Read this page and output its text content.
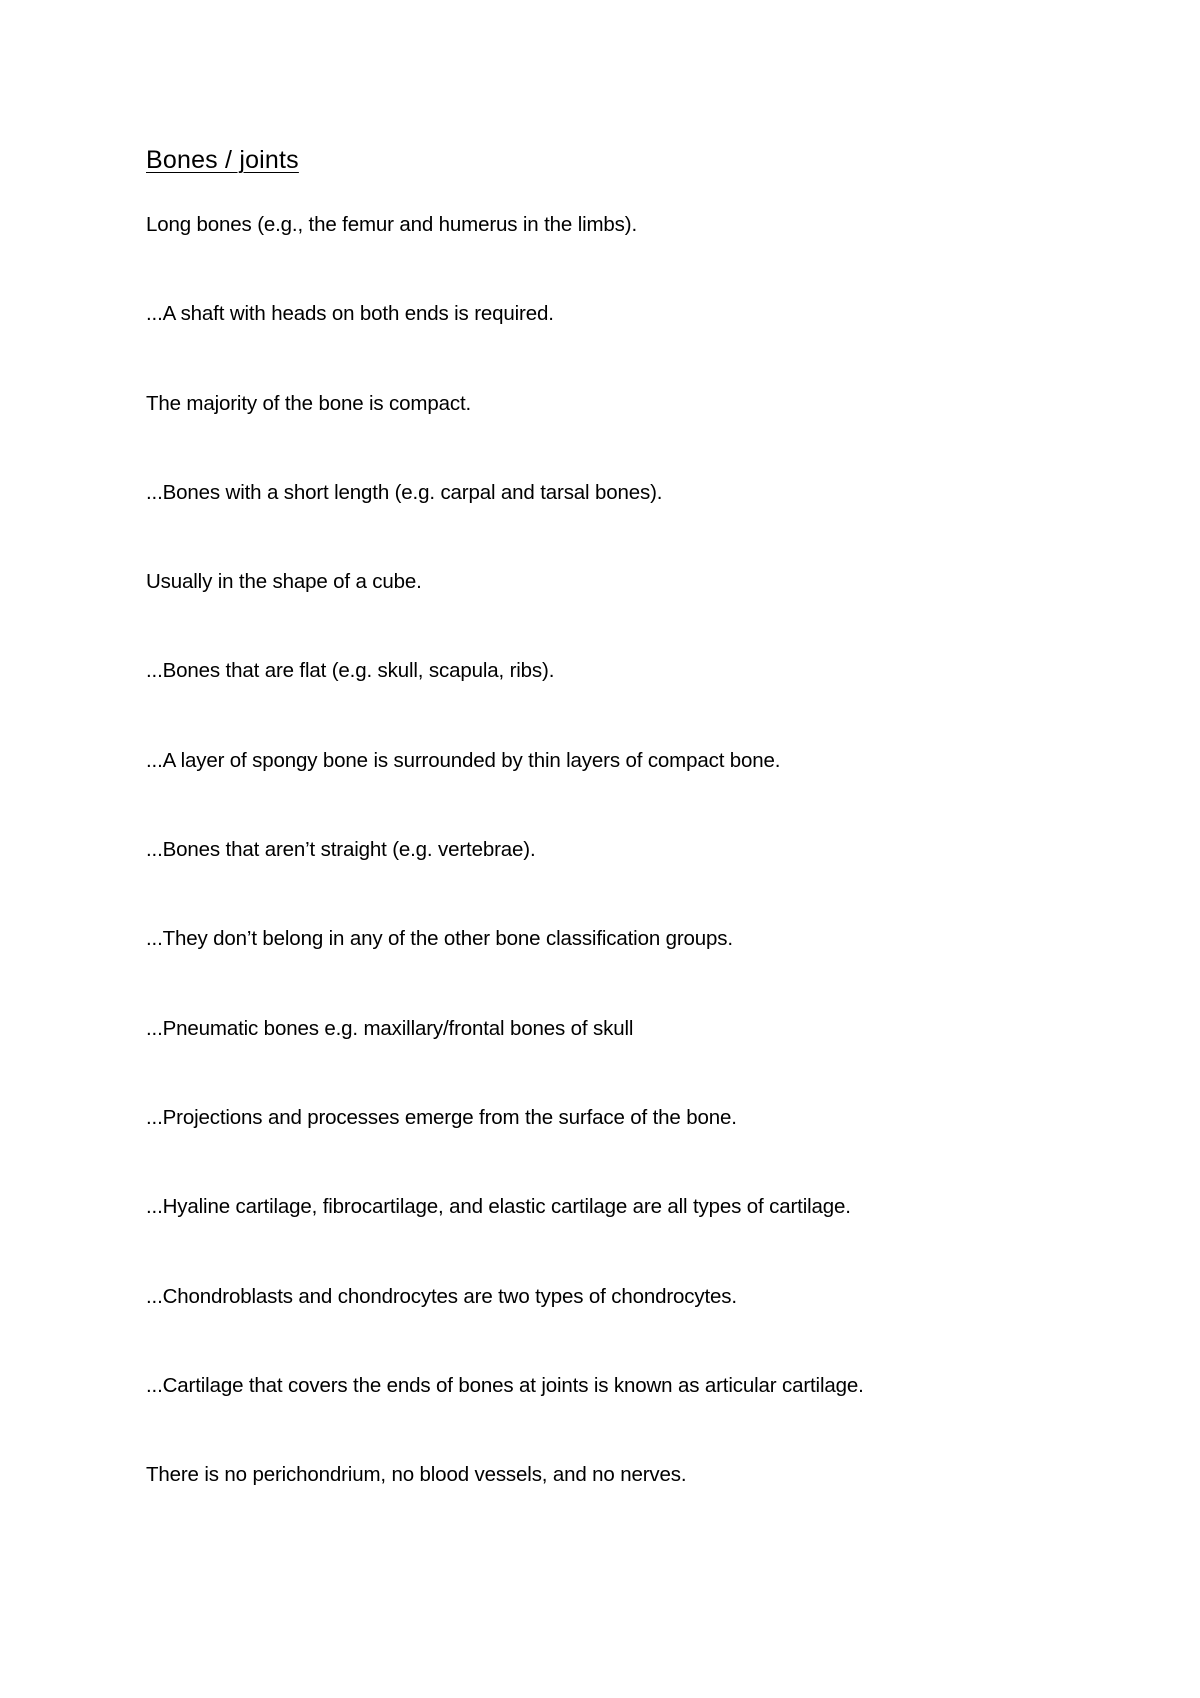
Bones / joints
Long bones (e.g., the femur and humerus in the limbs).
...A shaft with heads on both ends is required.
The majority of the bone is compact.
...Bones with a short length (e.g. carpal and tarsal bones).
Usually in the shape of a cube.
...Bones that are flat (e.g. skull, scapula, ribs).
...A layer of spongy bone is surrounded by thin layers of compact bone.
...Bones that aren’t straight (e.g. vertebrae).
...They don’t belong in any of the other bone classification groups.
...Pneumatic bones e.g. maxillary/frontal bones of skull
...Projections and processes emerge from the surface of the bone.
...Hyaline cartilage, fibrocartilage, and elastic cartilage are all types of cartilage.
...Chondroblasts and chondrocytes are two types of chondrocytes.
...Cartilage that covers the ends of bones at joints is known as articular cartilage.
There is no perichondrium, no blood vessels, and no nerves.
